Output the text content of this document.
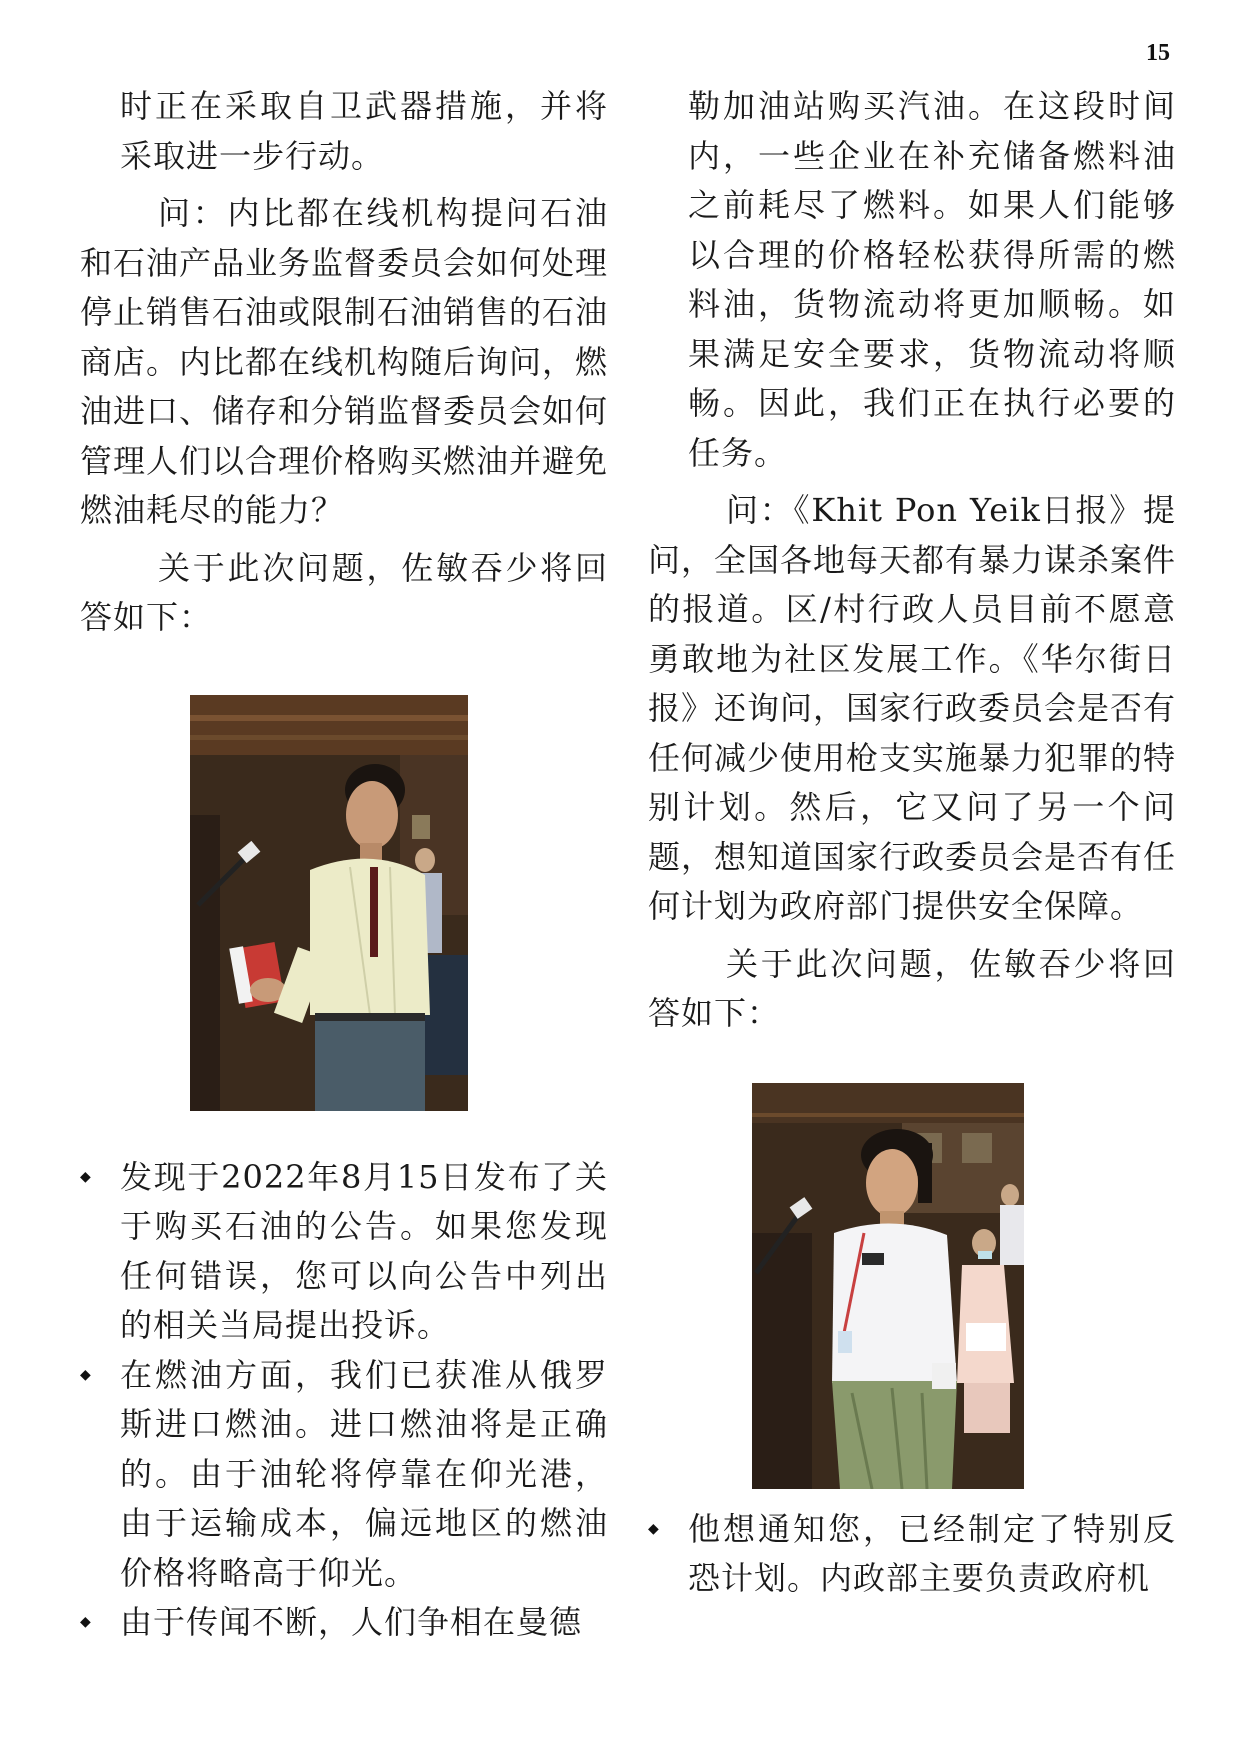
15

时正在采取自卫武器措施，并将采取进一步行动。

问：内比都在线机构提问石油和石油产品业务监督委员会如何处理停止销售石油或限制石油销售的石油商店。内比都在线机构随后询问，燃油进口、储存和分销监督委员会如何管理人们以合理价格购买燃油并避免燃油耗尽的能力？

关于此次问题，佐敏吞少将回答如下：

◆ 发现于2022年8月15日发布了关于购买石油的公告。如果您发现任何错误，您可以向公告中列出的相关当局提出投诉。
◆ 在燃油方面，我们已获准从俄罗斯进口燃油。进口燃油将是正确的。由于油轮将停靠在仰光港，由于运输成本，偏远地区的燃油价格将略高于仰光。
◆ 由于传闻不断，人们争相在曼德

勒加油站购买汽油。在这段时间内，一些企业在补充储备燃料油之前耗尽了燃料。如果人们能够以合理的价格轻松获得所需的燃料油，货物流动将更加顺畅。如果满足安全要求，货物流动将顺畅。因此，我们正在执行必要的任务。

问：《Khit Pon Yeik日报》提问，全国各地每天都有暴力谋杀案件的报道。区/村行政人员目前不愿意勇敢地为社区发展工作。《华尔街日报》还询问，国家行政委员会是否有任何减少使用枪支实施暴力犯罪的特别计划。然后，它又问了另一个问题，想知道国家行政委员会是否有任何计划为政府部门提供安全保障。

关于此次问题，佐敏吞少将回答如下：

◆ 他想通知您，已经制定了特别反恐计划。内政部主要负责政府机
